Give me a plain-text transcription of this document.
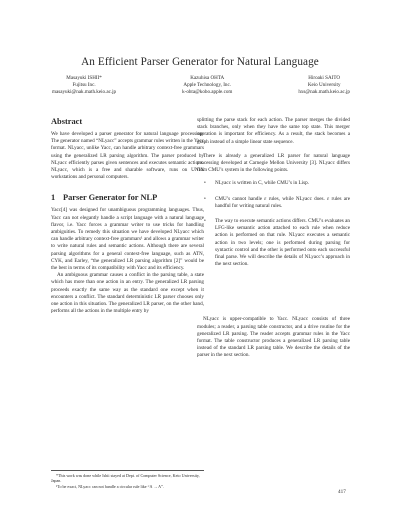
An Efficient Parser Generator for Natural Language
Masayuki ISHII*
Fujitsu Inc.
masayuki@nak.math.keio.ac.jp
Kazuhisa OHTA
Apple Technology, Inc.
k-ohta@kobo.apple.com
Hiroaki SAITO
Keio University
hxs@nak.math.keio.ac.jp
Abstract

We have developed a parser generator for natural language processing. The generator named “NLyacc” accepts grammar rules written in the Yacc format. NLyacc, unlike Yacc, can handle arbitrary context-free grammars using the generalized LR parsing algorithm. The parser produced by NLyacc efficiently parses given sentences and executes semantic actions. NLyacc, which is a free and sharable software, runs on UNIX workstations and personal computers.

1 Parser Generator for NLP

Yacc[4] was designed for unambiguous programming languages. Thus, Yacc can not elegantly handle a script language with a natural language flavor, i.e. Yacc forces a grammar writer to use tricks for handling ambiguities. To remedy this situation we have developed NLyacc which can handle arbitrary context-free grammars¹ and allows a grammar writer to write natural rules and semantic actions. Although there are several parsing algorithms for a general context-free language, such as ATN, CYK, and Earley, “the generalized LR parsing algorithm [2]” would be the best in terms of its compatibility with Yacc and its efficiency.

An ambiguous grammar causes a conflict in the parsing table, a state which has more than one action in an entry. The generalized LR parsing proceeds exactly the same way as the standard one except when it encounters a conflict. The standard deterministic LR parser chooses only one action in this situation. The generalized LR parser, on the other hand, performs all the actions in the multiple entry by

*This work was done while Ishii stayed at Dept. of Computer Science, Keio University, Japan.

¹To be exact, NLyacc can not handle a circular rule like “A → A”.

splitting the parse stack for each action. The parser merges the divided stack branches, only when they have the same top state. This merger operation is important for efficiency. As a result, the stack becomes a graph instead of a simple linear state sequence.

There is already a generalized LR parser for natural language processing developed at Carnegie Mellon University [3]. NLyacc differs from CMU’s system in the following points.

• NLyacc is written in C, while CMU’s in Lisp.
• CMU’s cannot handle ε rules, while NLyacc does. ε rules are handful for writing natural rules.
• The way to execute semantic actions differs. CMU’s evaluates an LFG-like semantic action attached to each rule when reduce action is performed on that rule. NLyacc executes a semantic action in two levels; one is performed during parsing for syntactic control and the other is performed onto each successful final parse. We will describe the details of NLyacc’s approach in the next section.

NLyacc is upper-compatible to Yacc. NLyacc consists of three modules; a reader, a parsing table constructor, and a drive routine for the generalized LR parsing. The reader accepts grammar rules in the Yacc format. The table constructor produces a generalized LR parsing table instead of the standard LR parsing table. We describe the details of the parser in the next section.

417
